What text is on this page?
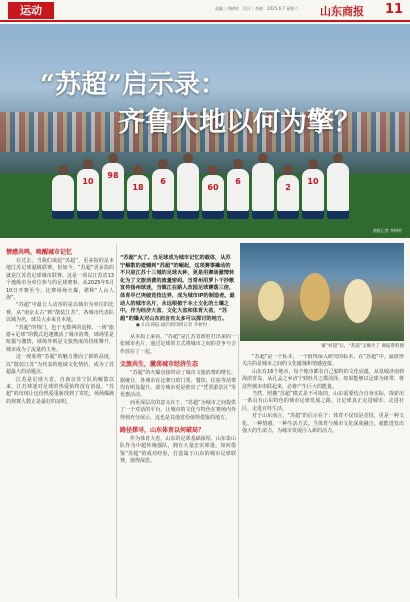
运动	责编｜李树材　设计｜李晓　2025.6.7 星期六 山东商报 11
10
98
18
6
60
6
2
10
“苏超”启示录：
齐鲁大地以何为擎？
商报记者 李树材
情感共鸣，唤醒城市记忆

在过去，当我们谈起“苏超”，更多指的是本地江苏足球超级联赛。但如今，“苏超”更多指的就是江苏省足球城市联赛。这是一项以江苏省13个地级市为单位参与的足球赛事，从2025年5月10日开赛至今，比赛场场火爆，堪称“人山人海”。

“苏超”中最让人动容的是以城市为单位的比赛，从“南京太古”到“散装江苏”，各城市代表队以城为名，球员大多来自本地。

“苏超”的热门，也于无数网的追捧。一场“旅游+足球”的模式迅速激活了城市消费，球场里是喧嚣与激情，球场外则是文旅热度的持续攀升，城市成为了流量的主角。

这一现象将“苏超”的魅力推向了新的高度，以“散装江苏”为代表的地域文化情结，成为了苏超最大的话题点。

江苏是足球大省，自南京苏宁队的解散以来，江苏球迷对足球的热爱始终没有消退。“苏超”的出现让这份热爱重新找到了寄托，场场爆满的观赛人数正是最好的证明。

“苏超”火了。当足球成为城市记忆的载体，从苏宁解散的遗憾到“苏超”的崛起，这项赛事撬动的不只是江苏十三城的足球火种，更是用赛场激情转化为了文旅消费的流量密码。当常州用萝卜干抄歌宣传扬州球迷，当镇江在路人改园足球赛落三倍，体育早已突破竞技边界，成为城市IP的制造者。最动人的城市名片，永远根植于本土文化的土壤之中。作为经济大省、文化大省和体育大省，“苏超”的爆火对山东而言有太多可以探讨的地方。
● 山东商报·通的新闻网记者 李树材
镇”村超”后，“苏超”又爆火了 商报资料图

从本质上来看，“苏超”是江苏省政府打出来的一张城市名片，通过足球的方式将城市之间的竞争与合作放在了一起。

文旅共生，激荡城市经济生态

“苏超”的火爆直接带动了城市文旅消费的增长。据统计，各城市在比赛日的门票、餐饮、住宿等消费均有明显提升，部分城市更是推出了“凭票游景区”等优惠活动。

而更深层次的意义在于，“苏超”为城市之间提供了一个对话的平台，让城市的文化与特色在赛场内外得到充分展示，这也是其他省份值得借鉴的地方。

路径探寻，山东体育以何破局？

作为体育大省，山东的足球基础深厚。山东泰山队作为中超传统强队，拥有大量忠实球迷。如何借鉴“苏超”的成功经验，打造属于山东的城市足球联赛，值得深思。

“苏超”是一个标本，一个值得深入研究的标本。在“苏超”中，最值得关注的是城市之间的文化碰撞和情感连接。

山东有16个地市，每个地市都有自己独特的文化底蕴，从泉城济南到海滨青岛，从孔孟之乡济宁到牡丹之都菏泽，如果能够以足球为纽带，将这些城市串联起来，必将产生巨大的能量。

当然，照搬“苏超”模式是不可取的，山东需要结合自身实际，探索出一条具有山东特色的城市足球发展之路。让足球真正走进城市、走进社区、走进百姓生活。

对于山东而言，“苏超”的启示在于：体育不仅仅是竞技，更是一种文化、一种情感、一种生活方式。当体育与城市文化深度融合，就能迸发出强大的生命力，为城市发展注入新的活力。
